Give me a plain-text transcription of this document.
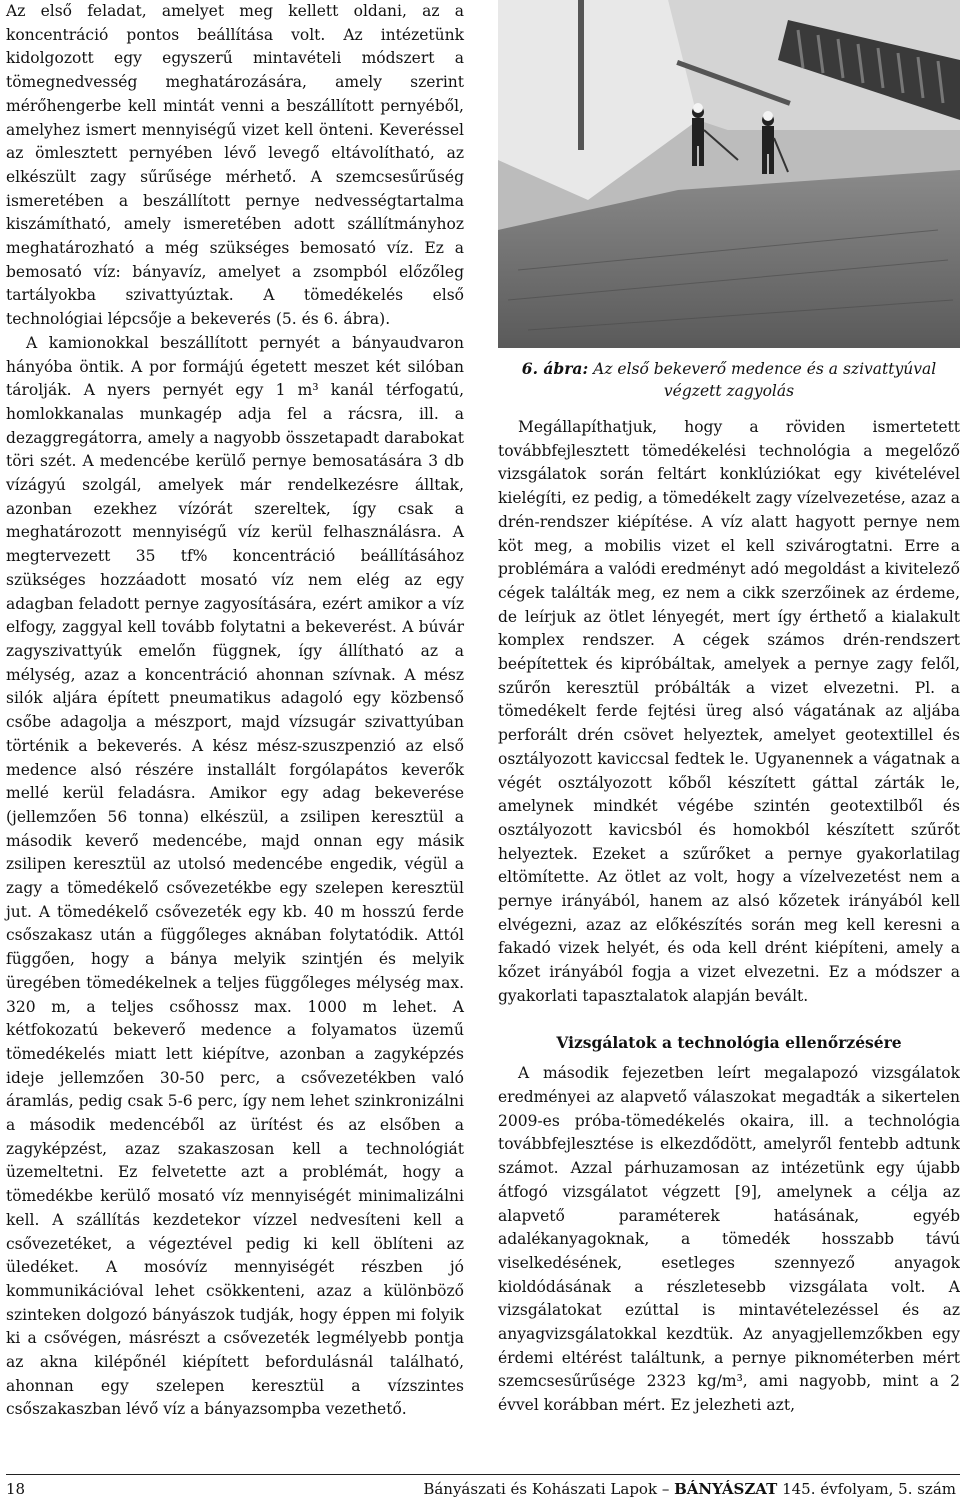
Az első feladat, amelyet meg kellett oldani, az a koncentráció pontos beállítása volt. Az intézetünk kidolgozott egy egyszerű mintavételi módszert a tömegnedvesség meghatározására, amely szerint mérőhengerbe kell mintát venni a beszállított pernyéből, amelyhez ismert mennyiségű vizet kell önteni. Keveréssel az ömlesztett pernyében lévő levegő eltávolítható, az elkészült zagy sűrűsége mérhető. A szemcsesűrűség ismeretében a beszállított pernye nedvességtartalma kiszámítható, amely ismeretében adott szállítmányhoz meghatározható a még szükséges bemosató víz. Ez a bemosató víz: bányavíz, amelyet a zsompból előzőleg tartályokba szivattyúztak. A tömedékelés első technológiai lépcsője a bekeverés (5. és 6. ábra).

A kamionokkal beszállított pernyét a bányaudvaron hányóba öntik. A por formájú égetett meszet két silóban tárolják. A nyers pernyét egy 1 m³ kanál térfogatú, homlokkanalas munkagép adja fel a rácsra, ill. a dezaggregátorra, amely a nagyobb összetapadt darabokat töri szét. A medencébe kerülő pernye bemosatására 3 db vízágyú szolgál, amelyek már rendelkezésre álltak, azonban ezekhez vízórát szereltek, így csak a meghatározott mennyiségű víz kerül felhasználásra. A megtervezett 35 tf% koncentráció beállításához szükséges hozzáadott mosató víz nem elég az egy adagban feladott pernye zagyosítására, ezért amikor a víz elfogy, zaggyal kell tovább folytatni a bekeverést. A búvár zagyszivattyúk emelőn függnek, így állítható az a mélység, azaz a koncentráció ahonnan szívnak. A mész silók aljára épített pneumatikus adagoló egy közbenső csőbe adagolja a mészport, majd vízsugár szivattyúban történik a bekeverés. A kész mész-szuszpenzió az első medence alsó részére installált forgólapátos keverők mellé kerül feladásra. Amikor egy adag bekeverése (jellemzően 56 tonna) elkészül, a zsilipen keresztül a második keverő medencébe, majd onnan egy másik zsilipen keresztül az utolsó medencébe engedik, végül a zagy a tömedékelő csővezetékbe egy szelepen keresztül jut. A tömedékelő csővezeték egy kb. 40 m hosszú ferde csőszakasz után a függőleges aknában folytatódik. Attól függően, hogy a bánya melyik szintjén és melyik üregében tömedékelnek a teljes függőleges mélység max. 320 m, a teljes csőhossz max. 1000 m lehet. A kétfokozatú bekeverő medence a folyamatos üzemű tömedékelés miatt lett kiépítve, azonban a zagyképzés ideje jellemzően 30-50 perc, a csővezetékben való áramlás, pedig csak 5-6 perc, így nem lehet szinkronizálni a második medencéből az ürítést és az elsőben a zagyképzést, azaz szakaszosan kell a technológiát üzemeltetni. Ez felvetette azt a problémát, hogy a tömedékbe kerülő mosató víz mennyiségét minimalizálni kell. A szállítás kezdetekor vízzel nedvesíteni kell a csővezetéket, a végeztével pedig ki kell öblíteni az üledéket. A mosóvíz mennyiségét részben jó kommunikációval lehet csökkenteni, azaz a különböző szinteken dolgozó bányászok tudják, hogy éppen mi folyik ki a csővégen, másrészt a csővezeték legmélyebb pontja az akna kilépőnél kiépített befordulásnál található, ahonnan egy szelepen keresztül a vízszintes csőszakaszban lévő víz a bányazsompba vezethető.

6. ábra: Az első bekeverő medence és a szivattyúval végzett zagyolás

Megállapíthatjuk, hogy a röviden ismertetett továbbfejlesztett tömedékelési technológia a megelőző vizsgálatok során feltárt konklúziókat egy kivételével kielégíti, ez pedig, a tömedékelt zagy vízelvezetése, azaz a drén-rendszer kiépítése. A víz alatt hagyott pernye nem köt meg, a mobilis vizet el kell szivárogtatni. Erre a problémára a valódi eredményt adó megoldást a kivitelező cégek találták meg, ez nem a cikk szerzőinek az érdeme, de leírjuk az ötlet lényegét, mert így érthető a kialakult komplex rendszer. A cégek számos drén-rendszert beépítettek és kipróbáltak, amelyek a pernye zagy felől, szűrőn keresztül próbálták a vizet elvezetni. Pl. a tömedékelt ferde fejtési üreg alsó vágatának az aljába perforált drén csövet helyeztek, amelyet geotextillel és osztályozott kaviccsal fedtek le. Ugyanennek a vágatnak a végét osztályozott kőből készített gáttal zárták le, amelynek mindkét végébe szintén geotextilből és osztályozott kavicsból és homokból készített szűrőt helyeztek. Ezeket a szűrőket a pernye gyakorlatilag eltömítette. Az ötlet az volt, hogy a vízelvezetést nem a pernye irányából, hanem az alsó kőzetek irányából kell elvégezni, azaz az előkészítés során meg kell keresni a fakadó vizek helyét, és oda kell drént kiépíteni, amely a kőzet irányából fogja a vizet elvezetni. Ez a módszer a gyakorlati tapasztalatok alapján bevált.

Vizsgálatok a technológia ellenőrzésére

A második fejezetben leírt megalapozó vizsgálatok eredményei az alapvető válaszokat megadták a sikertelen 2009-es próba-tömedékelés okaira, ill. a technológia továbbfejlesztése is elkezdődött, amelyről fentebb adtunk számot. Azzal párhuzamosan az intézetünk egy újabb átfogó vizsgálatot végzett [9], amelynek a célja az alapvető paraméterek hatásának, egyéb adalékanyagoknak, a tömedék hosszabb távú viselkedésének, esetleges szennyező anyagok kioldódásának a részletesebb vizsgálata volt. A vizsgálatokat ezúttal is mintavételezéssel és az anyagvizsgálatokkal kezdtük. Az anyagjellemzőkben egy érdemi eltérést találtunk, a pernye piknométerben mért szemcsesűrűsége 2323 kg/m³, ami nagyobb, mint a 2 évvel korábban mért. Ez jelezheti azt,

18	Bányászati és Kohászati Lapok – BÁNYÁSZAT 145. évfolyam, 5. szám
